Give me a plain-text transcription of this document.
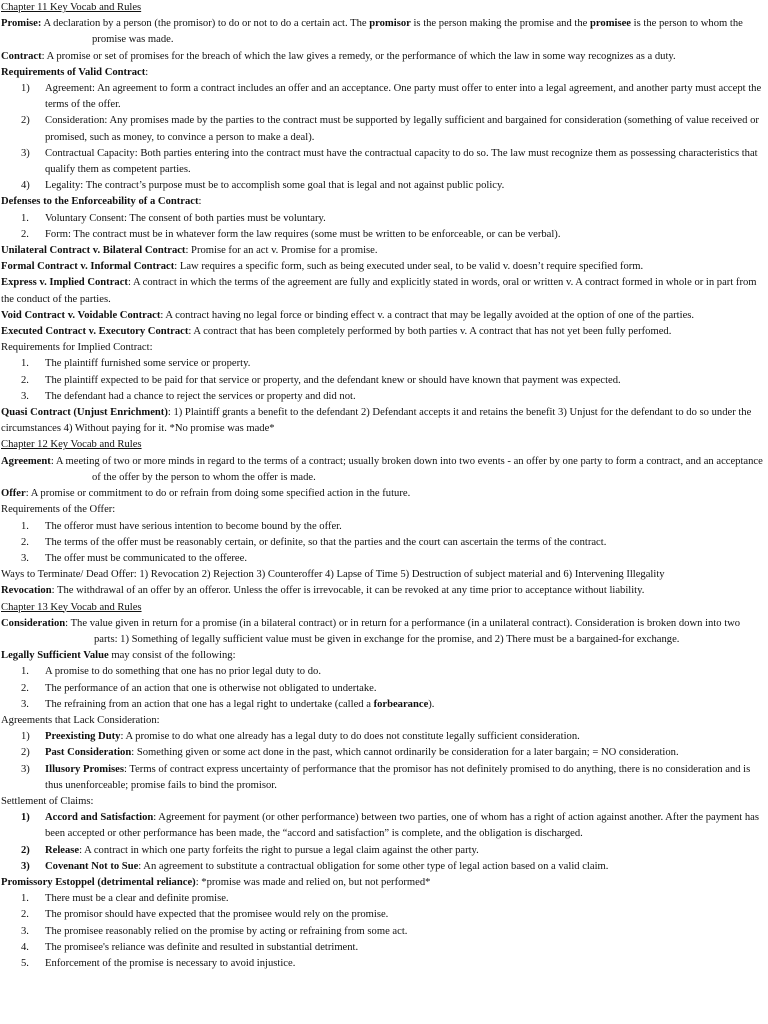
Chapter 11 Key Vocab and Rules

Promise: A declaration by a person (the promisor) to do or not to do a certain act. The promisor is the person making the promise and the promisee is the person to whom the promise was made.

Contract: A promise or set of promises for the breach of which the law gives a remedy, or the performance of which the law in some way recognizes as a duty.

Requirements of Valid Contract:

1) Agreement: An agreement to form a contract includes an offer and an acceptance. One party must offer to enter into a legal agreement, and another party must accept the terms of the offer.
2) Consideration: Any promises made by the parties to the contract must be supported by legally sufficient and bargained for consideration (something of value received or promised, such as money, to convince a person to make a deal).
3) Contractual Capacity: Both parties entering into the contract must have the contractual capacity to do so. The law must recognize them as possessing characteristics that qualify them as competent parties.
4) Legality: The contract’s purpose must be to accomplish some goal that is legal and not against public policy.

Defenses to the Enforceability of a Contract:

1. Voluntary Consent: The consent of both parties must be voluntary.
2. Form: The contract must be in whatever form the law requires (some must be written to be enforceable, or can be verbal).

Unilateral Contract v. Bilateral Contract: Promise for an act v. Promise for a promise.

Formal Contract v. Informal Contract: Law requires a specific form, such as being executed under seal, to be valid v. doesn’t require specified form.

Express v. Implied Contract: A contract in which the terms of the agreement are fully and explicitly stated in words, oral or written v. A contract formed in whole or in part from the conduct of the parties.

Void Contract v. Voidable Contract: A contract having no legal force or binding effect v. a contract that may be legally avoided at the option of one of the parties.

Executed Contract v. Executory Contract: A contract that has been completely performed by both parties v. A contract that has not yet been fully perfomed.

Requirements for Implied Contract:

1. The plaintiff furnished some service or property.
2. The plaintiff expected to be paid for that service or property, and the defendant knew or should have known that payment was expected.
3. The defendant had a chance to reject the services or property and did not.

Quasi Contract (Unjust Enrichment): 1) Plaintiff grants a benefit to the defendant 2) Defendant accepts it and retains the benefit 3) Unjust for the defendant to do so under the circumstances 4) Without paying for it. *No promise was made*

Chapter 12 Key Vocab and Rules

Agreement: A meeting of two or more minds in regard to the terms of a contract; usually broken down into two events - an offer by one party to form a contract, and an acceptance of the offer by the person to whom the offer is made.

Offer: A promise or commitment to do or refrain from doing some specified action in the future.

Requirements of the Offer:

1. The offeror must have serious intention to become bound by the offer.
2. The terms of the offer must be reasonably certain, or definite, so that the parties and the court can ascertain the terms of the contract.
3. The offer must be communicated to the offeree.

Ways to Terminate/ Dead Offer: 1) Revocation 2) Rejection 3) Counteroffer 4) Lapse of Time 5) Destruction of subject material and 6) Intervening Illegality

Revocation: The withdrawal of an offer by an offeror. Unless the offer is irrevocable, it can be revoked at any time prior to acceptance without liability.

Chapter 13 Key Vocab and Rules

Consideration: The value given in return for a promise (in a bilateral contract) or in return for a performance (in a unilateral contract). Consideration is broken down into two parts: 1) Something of legally sufficient value must be given in exchange for the promise, and 2) There must be a bargained-for exchange.

Legally Sufficient Value may consist of the following:

1. A promise to do something that one has no prior legal duty to do.
2. The performance of an action that one is otherwise not obligated to undertake.
3. The refraining from an action that one has a legal right to undertake (called a forbearance).

Agreements that Lack Consideration:

1) Preexisting Duty: A promise to do what one already has a legal duty to do does not constitute legally sufficient consideration.
2) Past Consideration: Something given or some act done in the past, which cannot ordinarily be consideration for a later bargain; = NO consideration.
3) Illusory Promises: Terms of contract express uncertainty of performance that the promisor has not definitely promised to do anything, there is no consideration and is thus unenforceable; promise fails to bind the promisor.

Settlement of Claims:

1) Accord and Satisfaction: Agreement for payment (or other performance) between two parties, one of whom has a right of action against another. After the payment has been accepted or other performance has been made, the “accord and satisfaction” is complete, and the obligation is discharged.
2) Release: A contract in which one party forfeits the right to pursue a legal claim against the other party.
3) Covenant Not to Sue: An agreement to substitute a contractual obligation for some other type of legal action based on a valid claim.

Promissory Estoppel (detrimental reliance): *promise was made and relied on, but not performed*

1. There must be a clear and definite promise.
2. The promisor should have expected that the promisee would rely on the promise.
3. The promisee reasonably relied on the promise by acting or refraining from some act.
4. The promisee's reliance was definite and resulted in substantial detriment.
5. Enforcement of the promise is necessary to avoid injustice.
